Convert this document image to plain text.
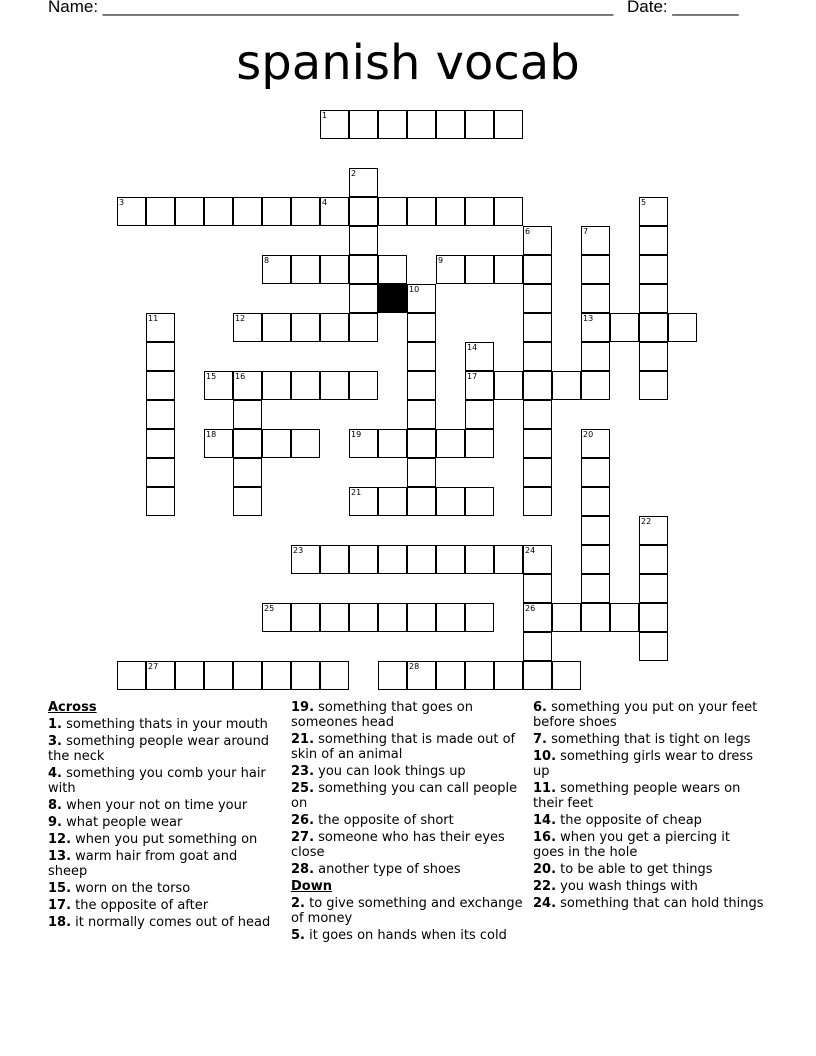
Name: ______________________________________________________ Date: _______
spanish vocab
1
2
3	4	5
6	7
8	9
10
11	12	13
14
15 16	17
18	19	20
21
22
23	24
25	26
27	28
Across
1. something thats in your mouth
3. something people wear around the neck
4. something you comb your hair with
8. when your not on time your
9. what people wear
12. when you put something on
13. warm hair from goat and sheep
15. worn on the torso
17. the opposite of after
18. it normally comes out of head
19. something that goes on someones head
21. something that is made out of skin of an animal
23. you can look things up
25. something you can call people on
26. the opposite of short
27. someone who has their eyes close
28. another type of shoes
Down
2. to give something and exchange of money
5. it goes on hands when its cold
6. something you put on your feet before shoes
7. something that is tight on legs
10. something girls wear to dress up
11. something people wears on their feet
14. the opposite of cheap
16. when you get a piercing it goes in the hole
20. to be able to get things
22. you wash things with
24. something that can hold things
